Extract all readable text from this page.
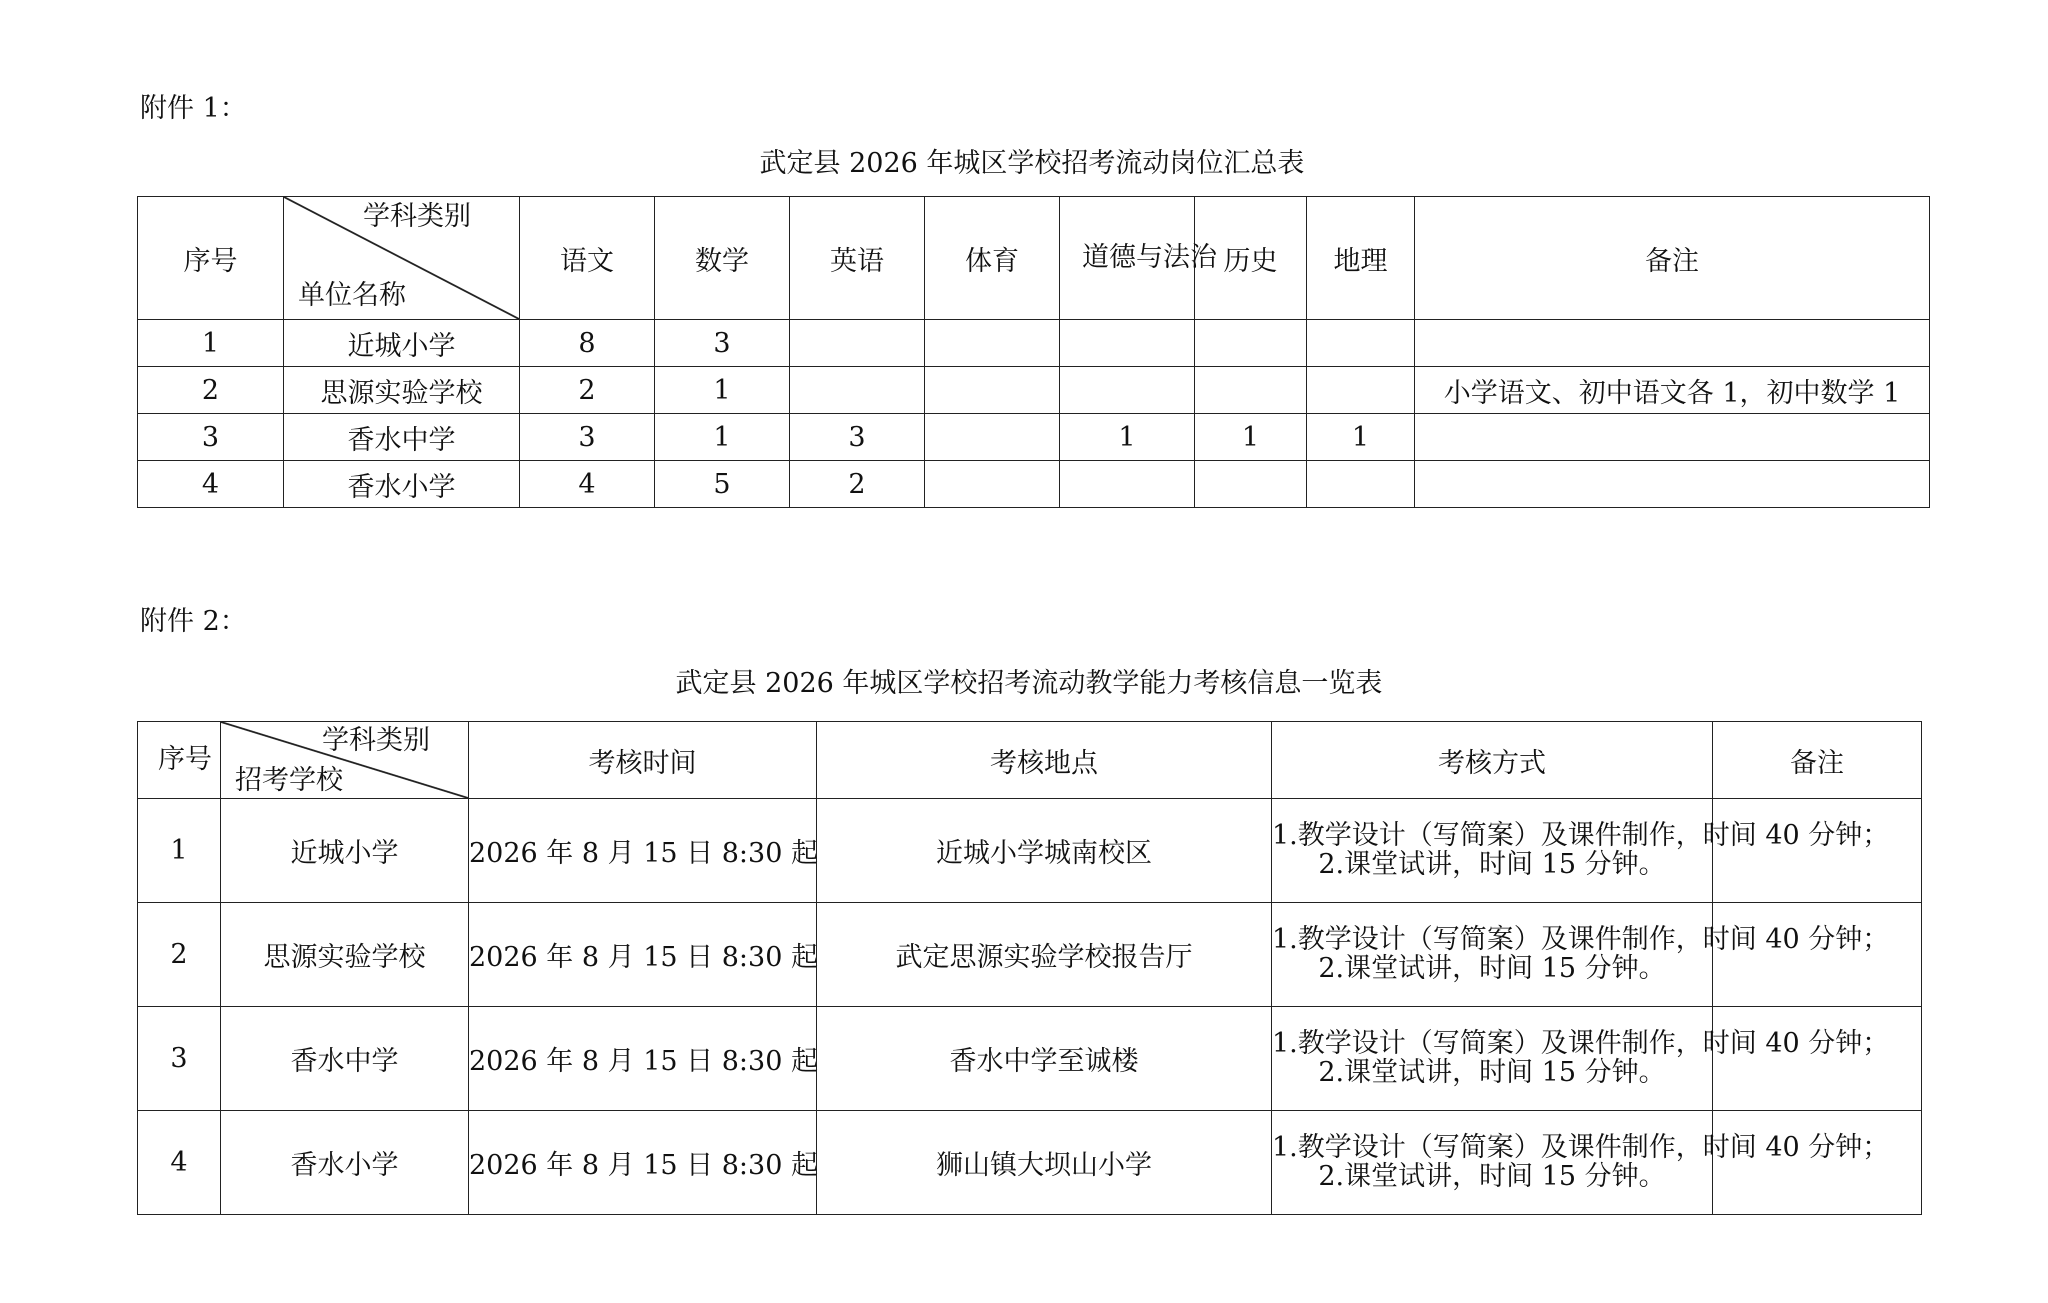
附件 1：
武定县 2026 年城区学校招考流动岗位汇总表
序号	学科类别
单位名称	语文	数学	英语	体育	道德与法治	历史	地理	备注
1	近城小学	8	3						
2	思源实验学校	2	1						小学语文、初中语文各 1，初中数学 1
3	香水中学	3	1	3		1	1	1	
4	香水小学	4	5	2					
附件 2：
武定县 2026 年城区学校招考流动教学能力考核信息一览表
序号	学科类别
招考学校	考核时间	考核地点	考核方式	备注
1	近城小学	2026 年 8 月 15 日 8:30 起	近城小学城南校区	1.教学设计（写简案）及课件制作，时间 40 分钟；
2.课堂试讲，时间 15 分钟。	

2	思源实验学校	2026 年 8 月 15 日 8:30 起	武定思源实验学校报告厅	1.教学设计（写简案）及课件制作，时间 40 分钟；
2.课堂试讲，时间 15 分钟。	

3	香水中学	2026 年 8 月 15 日 8:30 起	香水中学至诚楼	1.教学设计（写简案）及课件制作，时间 40 分钟；
2.课堂试讲，时间 15 分钟。	

4	香水小学	2026 年 8 月 15 日 8:30 起	狮山镇大坝山小学	1.教学设计（写简案）及课件制作，时间 40 分钟；
2.课堂试讲，时间 15 分钟。	
